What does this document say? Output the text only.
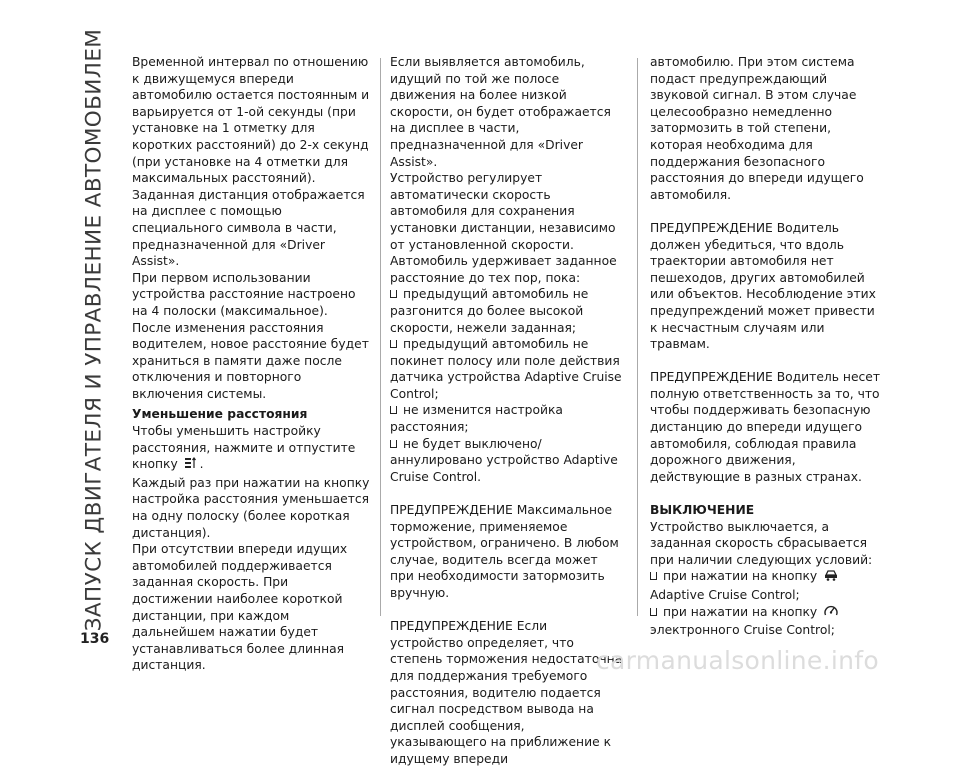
ЗАПУСК ДВИГАТЕЛЯ И УПРАВЛЕНИЕ АВТОМОБИЛЕМ
136

Временной интервал по отношению к движущемуся впереди автомобилю остается постоянным и варьируется от 1-ой секунды (при установке на 1 отметку для коротких расстояний) до 2-х секунд (при установке на 4 отметки для максимальных расстояний).

Заданная дистанция отображается на дисплее с помощью специального символа в части, предназначенной для «Driver Assist».

При первом использовании устройства расстояние настроено на 4 полоски (максимальное). После изменения расстояния водителем, новое расстояние будет храниться в памяти даже после отключения и повторного включения системы.

Уменьшение расстояния

Чтобы уменьшить настройку расстояния, нажмите и отпустите кнопку .

Каждый раз при нажатии на кнопку настройка расстояния уменьшается на одну полоску (более короткая дистанция).

При отсутствии впереди идущих автомобилей поддерживается заданная скорость. При достижении наиболее короткой дистанции, при каждом дальнейшем нажатии будет устанавливаться более длинная дистанция.

Если выявляется автомобиль, идущий по той же полосе движения на более низкой скорости, он будет отображается на дисплее в части, предназначенной для «Driver Assist».

Устройство регулирует автоматически скорость автомобиля для сохранения установки дистанции, независимо от установленной скорости.

Автомобиль удерживает заданное расстояние до тех пор, пока:

предыдущий автомобиль не разгонится до более высокой скорости, нежели заданная;

предыдущий автомобиль не покинет полосу или поле действия датчика устройства Adaptive Cruise Control;

не изменится настройка расстояния;

не будет выключено/аннулировано устройство Adaptive Cruise Control.

ПРЕДУПРЕЖДЕНИЕ Максимальное торможение, применяемое устройством, ограничено. В любом случае, водитель всегда может при необходимости затормозить вручную.

ПРЕДУПРЕЖДЕНИЕ Если устройство определяет, что степень торможения недостаточна для поддержания требуемого расстояния, водителю подается сигнал посредством вывода на дисплей сообщения, указывающего на приближение к идущему впереди

автомобилю. При этом система подаст предупреждающий звуковой сигнал. В этом случае целесообразно немедленно затормозить в той степени, которая необходима для поддержания безопасного расстояния до впереди идущего автомобиля.

ПРЕДУПРЕЖДЕНИЕ Водитель должен убедиться, что вдоль траектории автомобиля нет пешеходов, других автомобилей или объектов. Несоблюдение этих предупреждений может привести к несчастным случаям или травмам.

ПРЕДУПРЕЖДЕНИЕ Водитель несет полную ответственность за то, что чтобы поддерживать безопасную дистанцию до впереди идущего автомобиля, соблюдая правила дорожного движения, действующие в разных странах.

ВЫКЛЮЧЕНИЕ

Устройство выключается, а заданная скорость сбрасывается при наличии следующих условий:

при нажатии на кнопку  Adaptive Cruise Control;

при нажатии на кнопку
электронного Cruise Control;

carmanualsonline.info
